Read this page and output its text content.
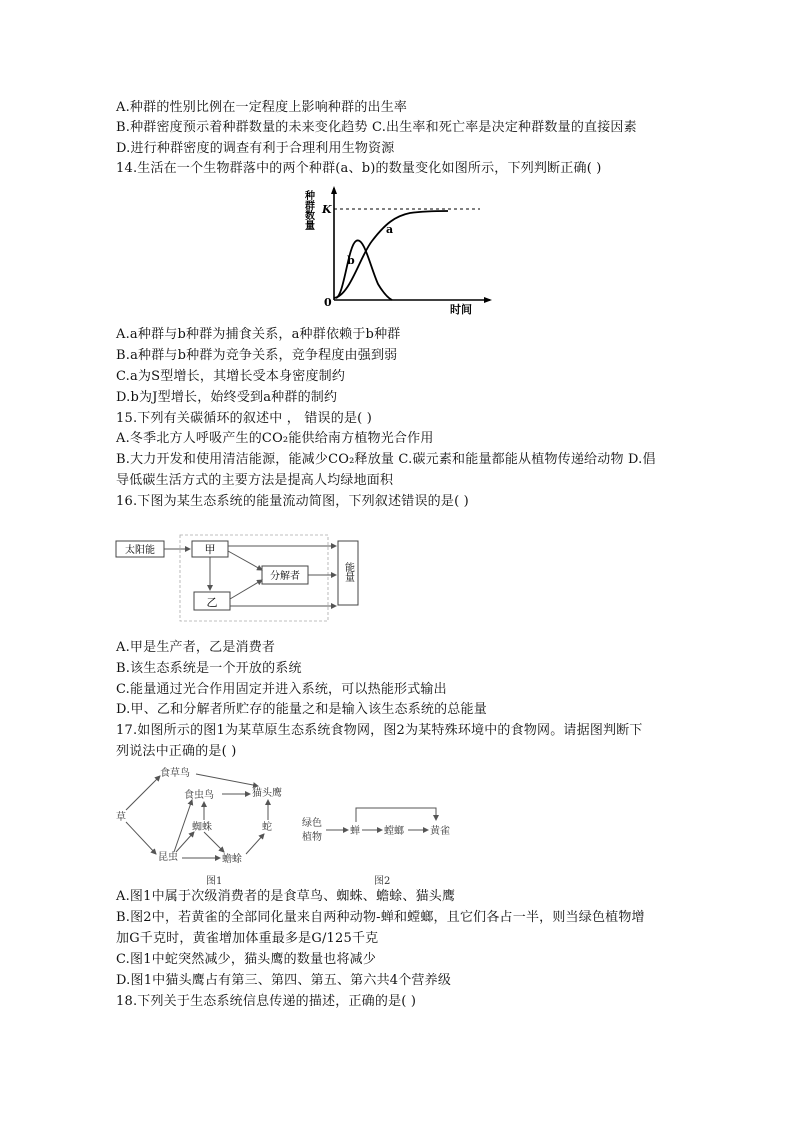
A.种群的性别比例在一定程度上影响种群的出生率
B.种群密度预示着种群数量的未来变化趋势 C.出生率和死亡率是决定种群数量的直接因素
D.进行种群密度的调查有利于合理利用生物资源
14.生活在一个生物群落中的两个种群(a、b)的数量变化如图所示，下列判断正确( )
种群数量 K
0
时间
a
b
A.a种群与b种群为捕食关系，a种群依赖于b种群
B.a种群与b种群为竞争关系，竞争程度由强到弱
C.a为S型增长，其增长受本身密度制约
D.b为J型增长，始终受到a种群的制约
15.下列有关碳循环的叙述中 ， 错误的是( )
A.冬季北方人呼吸产生的CO₂能供给南方植物光合作用
B.大力开发和使用清洁能源，能减少CO₂释放量 C.碳元素和能量都能从植物传递给动物 D.倡
导低碳生活方式的主要方法是提高人均绿地面积
16.下图为某生态系统的能量流动简图，下列叙述错误的是( )
太阳能	甲
乙
分解者	能量
A.甲是生产者，乙是消费者
B.该生态系统是一个开放的系统
C.能量通过光合作用固定并进入系统，可以热能形式输出
D.甲、乙和分解者所贮存的能量之和是输入该生态系统的总能量
17.如图所示的图1为某草原生态系统食物网，图2为某特殊环境中的食物网。请据图判断下
列说法中正确的是( )
草
食草鸟
食虫鸟	猫头鹰
蜘蛛	蛇
昆虫	蟾蜍
图1
绿色
植物
蝉 螳螂	黄雀
图2
A.图1中属于次级消费者的是食草鸟、蜘蛛、蟾蜍、猫头鹰
B.图2中，若黄雀的全部同化量来自两种动物-蝉和螳螂，且它们各占一半，则当绿色植物增
加G千克时，黄雀增加体重最多是G/125千克
C.图1中蛇突然减少，猫头鹰的数量也将减少
D.图1中猫头鹰占有第三、第四、第五、第六共4个营养级
18.下列关于生态系统信息传递的描述，正确的是( )
